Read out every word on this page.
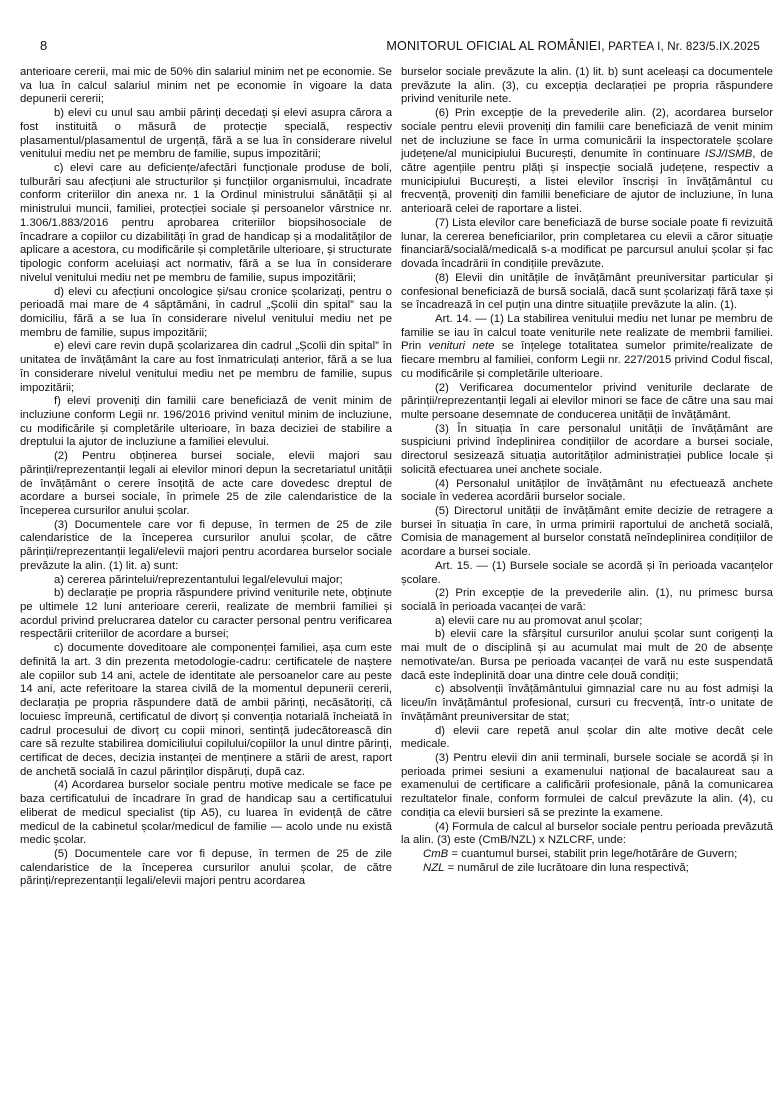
8	MONITORUL OFICIAL AL ROMÂNIEI, PARTEA I, Nr. 823/5.IX.2025

anterioare cererii, mai mic de 50% din salariul minim net pe economie. Se va lua în calcul salariul minim net pe economie în vigoare la data depunerii cererii;

b) elevi cu unul sau ambii părinți decedați și elevi asupra cărora a fost instituită o măsură de protecție specială, respectiv plasamentul/plasamentul de urgență, fără a se lua în considerare nivelul venitului mediu net pe membru de familie, supus impozitării;

c) elevi care au deficiențe/afectări funcționale produse de boli, tulburări sau afecțiuni ale structurilor și funcțiilor organismului, încadrate conform criteriilor din anexa nr. 1 la Ordinul ministrului sănătății și al ministrului muncii, familiei, protecției sociale și persoanelor vârstnice nr. 1.306/1.883/2016 pentru aprobarea criteriilor biopsihosociale de încadrare a copiilor cu dizabilități în grad de handicap și a modalităților de aplicare a acestora, cu modificările și completările ulterioare, și structurate tipologic conform aceluiași act normativ, fără a se lua în considerare nivelul venitului mediu net pe membru de familie, supus impozitării;

d) elevi cu afecțiuni oncologice și/sau cronice școlarizați, pentru o perioadă mai mare de 4 săptămâni, în cadrul „Școlii din spital” sau la domiciliu, fără a se lua în considerare nivelul venitului mediu net pe membru de familie, supus impozitării;

e) elevi care revin după școlarizarea din cadrul „Școlii din spital” în unitatea de învățământ la care au fost înmatriculați anterior, fără a se lua în considerare nivelul venitului mediu net pe membru de familie, supus impozitării;

f) elevi proveniți din familii care beneficiază de venit minim de incluziune conform Legii nr. 196/2016 privind venitul minim de incluziune, cu modificările și completările ulterioare, în baza deciziei de stabilire a dreptului la ajutor de incluziune a familiei elevului.

(2) Pentru obținerea bursei sociale, elevii majori sau părinții/reprezentanții legali ai elevilor minori depun la secretariatul unității de învățământ o cerere însoțită de acte care dovedesc dreptul de acordare a bursei sociale, în primele 25 de zile calendaristice de la începerea cursurilor anului școlar.

(3) Documentele care vor fi depuse, în termen de 25 de zile calendaristice de la începerea cursurilor anului școlar, de către părinții/reprezentanții legali/elevii majori pentru acordarea burselor sociale prevăzute la alin. (1) lit. a) sunt:

a) cererea părintelui/reprezentantului legal/elevului major;

b) declarație pe propria răspundere privind veniturile nete, obținute pe ultimele 12 luni anterioare cererii, realizate de membrii familiei și acordul privind prelucrarea datelor cu caracter personal pentru verificarea respectării criteriilor de acordare a bursei;

c) documente doveditoare ale componenței familiei, așa cum este definită la art. 3 din prezenta metodologie-cadru: certificatele de naștere ale copiilor sub 14 ani, actele de identitate ale persoanelor care au peste 14 ani, acte referitoare la starea civilă de la momentul depunerii cererii, declarația pe propria răspundere dată de ambii părinți, necăsătoriți, că locuiesc împreună, certificatul de divorț și convenția notarială încheiată în cadrul procesului de divorț cu copii minori, sentință judecătorească din care să rezulte stabilirea domiciliului copilului/copiilor la unul dintre părinți, certificat de deces, decizia instanței de menținere a stării de arest, raport de anchetă socială în cazul părinților dispăruți, după caz.

(4) Acordarea burselor sociale pentru motive medicale se face pe baza certificatului de încadrare în grad de handicap sau a certificatului eliberat de medicul specialist (tip A5), cu luarea în evidență de către medicul de la cabinetul școlar/medicul de familie — acolo unde nu există medic școlar.

(5) Documentele care vor fi depuse, în termen de 25 de zile calendaristice de la începerea cursurilor anului școlar, de către părinți/reprezentanții legali/elevii majori pentru acordarea

burselor sociale prevăzute la alin. (1) lit. b) sunt aceleași ca documentele prevăzute la alin. (3), cu excepția declarației pe propria răspundere privind veniturile nete.

(6) Prin excepție de la prevederile alin. (2), acordarea burselor sociale pentru elevii proveniți din familii care beneficiază de venit minim net de incluziune se face în urma comunicării la inspectoratele școlare județene/al municipiului București, denumite în continuare ISJ/ISMB, de către agențiile pentru plăți și inspecție socială județene, respectiv a municipiului București, a listei elevilor înscriși în învățământul cu frecvență, proveniți din familii beneficiare de ajutor de incluziune, în luna anterioară celei de raportare a listei.

(7) Lista elevilor care beneficiază de burse sociale poate fi revizuită lunar, la cererea beneficiarilor, prin completarea cu elevii a căror situație financiară/socială/medicală s-a modificat pe parcursul anului școlar și fac dovada încadrării în condițiile prevăzute.

(8) Elevii din unitățile de învățământ preuniversitar particular și confesional beneficiază de bursă socială, dacă sunt școlarizați fără taxe și se încadrează în cel puțin una dintre situațiile prevăzute la alin. (1).

Art. 14. — (1) La stabilirea venitului mediu net lunar pe membru de familie se iau în calcul toate veniturile nete realizate de membrii familiei. Prin venituri nete se înțelege totalitatea sumelor primite/realizate de fiecare membru al familiei, conform Legii nr. 227/2015 privind Codul fiscal, cu modificările și completările ulterioare.

(2) Verificarea documentelor privind veniturile declarate de părinții/reprezentanții legali ai elevilor minori se face de către una sau mai multe persoane desemnate de conducerea unității de învățământ.

(3) În situația în care personalul unității de învățământ are suspiciuni privind îndeplinirea condițiilor de acordare a bursei sociale, directorul sesizează situația autorităților administrației publice locale și solicită efectuarea unei anchete sociale.

(4) Personalul unităților de învățământ nu efectuează anchete sociale în vederea acordării burselor sociale.

(5) Directorul unității de învățământ emite decizie de retragere a bursei în situația în care, în urma primirii raportului de anchetă socială, Comisia de management al burselor constată neîndeplinirea condițiilor de acordare a bursei sociale.

Art. 15. — (1) Bursele sociale se acordă și în perioada vacanțelor școlare.

(2) Prin excepție de la prevederile alin. (1), nu primesc bursa socială în perioada vacanței de vară:

a) elevii care nu au promovat anul școlar;

b) elevii care la sfârșitul cursurilor anului școlar sunt corigenți la mai mult de o disciplină și au acumulat mai mult de 20 de absențe nemotivate/an. Bursa pe perioada vacanței de vară nu este suspendată dacă este îndeplinită doar una dintre cele două condiții;

c) absolvenții învățământului gimnazial care nu au fost admiși la liceu/în învățământul profesional, cursuri cu frecvență, într-o unitate de învățământ preuniversitar de stat;

d) elevii care repetă anul școlar din alte motive decât cele medicale.

(3) Pentru elevii din anii terminali, bursele sociale se acordă și în perioada primei sesiuni a examenului național de bacalaureat sau a examenului de certificare a calificării profesionale, până la comunicarea rezultatelor finale, conform formulei de calcul prevăzute la alin. (4), cu condiția ca elevii bursieri să se prezinte la examene.

(4) Formula de calcul al burselor sociale pentru perioada prevăzută la alin. (3) este (CmB/NZL) x NZLCRF, unde:

CmB = cuantumul bursei, stabilit prin lege/hotărâre de Guvern;

NZL = numărul de zile lucrătoare din luna respectivă;
